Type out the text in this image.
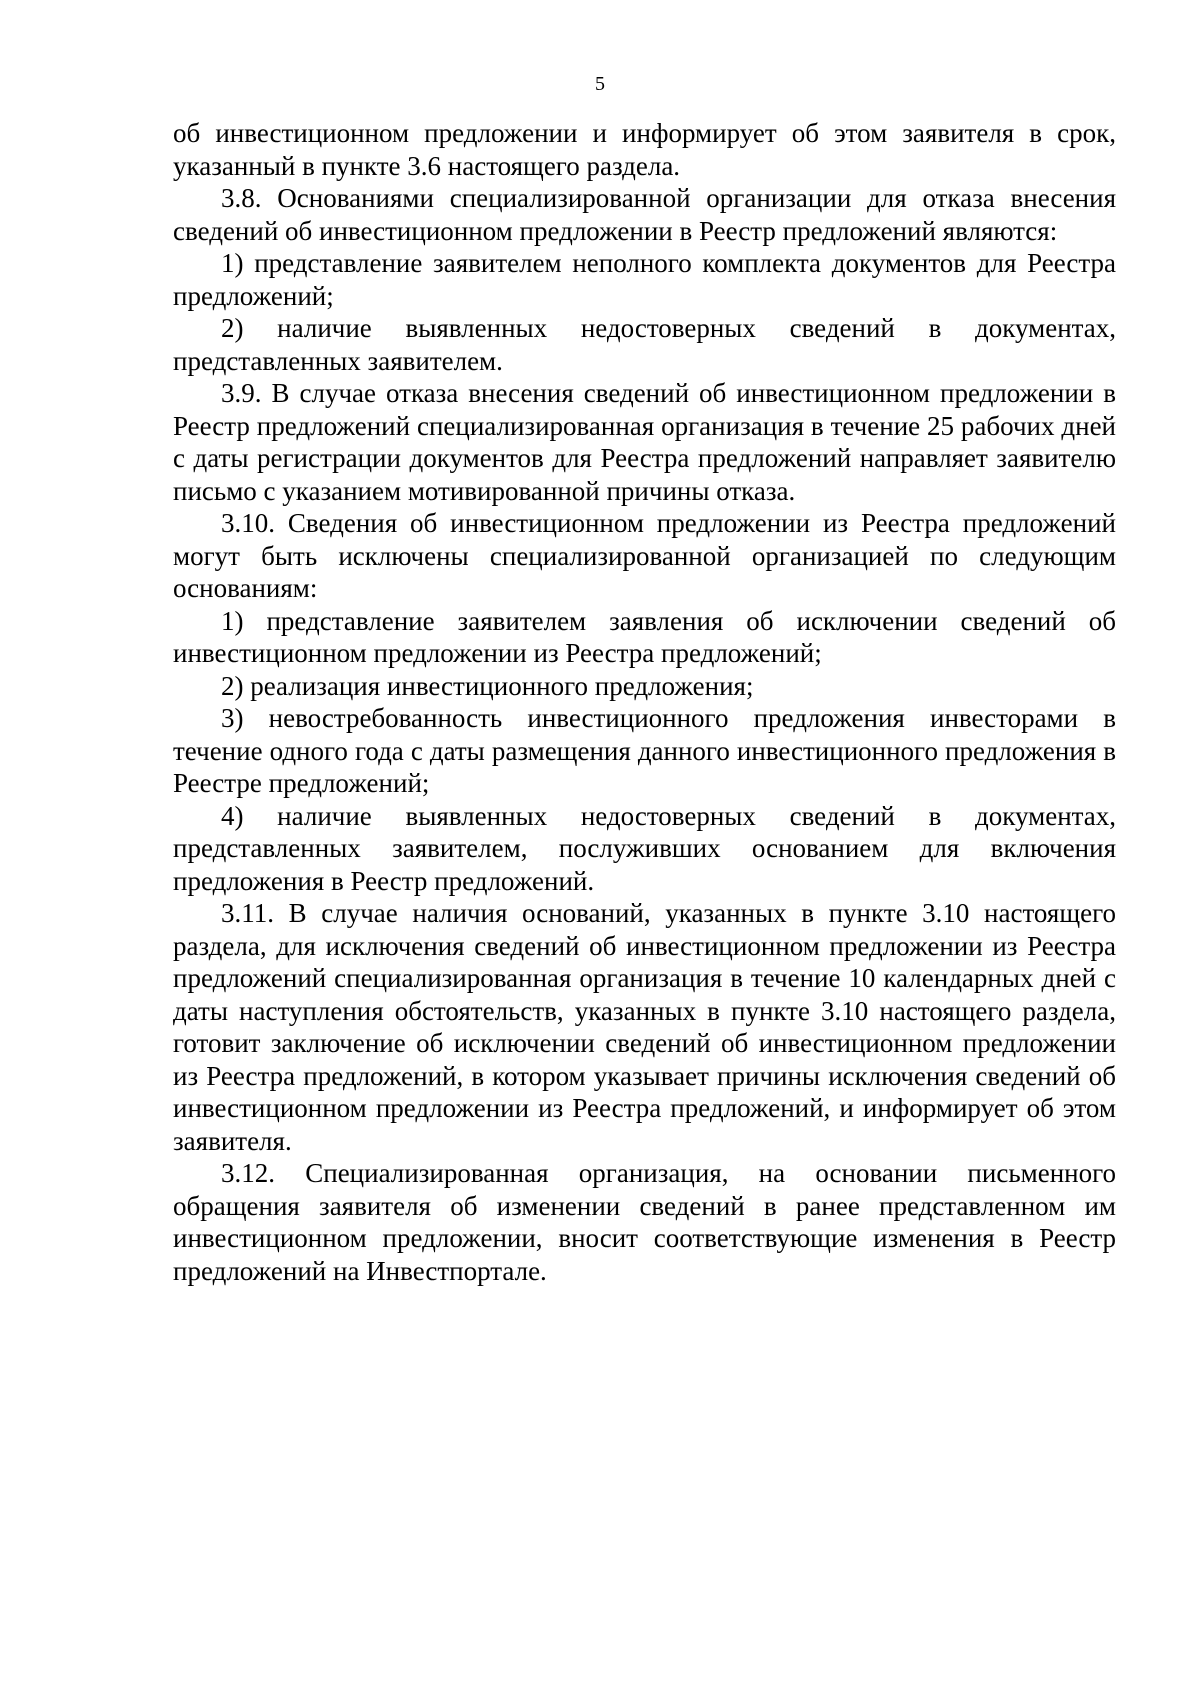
5

об инвестиционном предложении и информирует об этом заявителя в срок, указанный в пункте 3.6 настоящего раздела.

3.8. Основаниями специализированной организации для отказа внесения сведений об инвестиционном предложении в Реестр предложений являются:

1) представление заявителем неполного комплекта документов для Реестра предложений;

2) наличие выявленных недостоверных сведений в документах, представленных заявителем.

3.9. В случае отказа внесения сведений об инвестиционном предложении в Реестр предложений специализированная организация в течение 25 рабочих дней с даты регистрации документов для Реестра предложений направляет заявителю письмо с указанием мотивированной причины отказа.

3.10. Сведения об инвестиционном предложении из Реестра предложений могут быть исключены специализированной организацией по следующим основаниям:

1) представление заявителем заявления об исключении сведений об инвестиционном предложении из Реестра предложений;

2) реализация инвестиционного предложения;

3) невостребованность инвестиционного предложения инвесторами в течение одного года с даты размещения данного инвестиционного предложения в Реестре предложений;

4) наличие выявленных недостоверных сведений в документах, представленных заявителем, послуживших основанием для включения предложения в Реестр предложений.

3.11. В случае наличия оснований, указанных в пункте 3.10 настоящего раздела, для исключения сведений об инвестиционном предложении из Реестра предложений специализированная организация в течение 10 календарных дней с даты наступления обстоятельств, указанных в пункте 3.10 настоящего раздела, готовит заключение об исключении сведений об инвестиционном предложении из Реестра предложений, в котором указывает причины исключения сведений об инвестиционном предложении из Реестра предложений, и информирует об этом заявителя.

3.12. Специализированная организация, на основании письменного обращения заявителя об изменении сведений в ранее представленном им инвестиционном предложении, вносит соответствующие изменения в Реестр предложений на Инвестпортале.
